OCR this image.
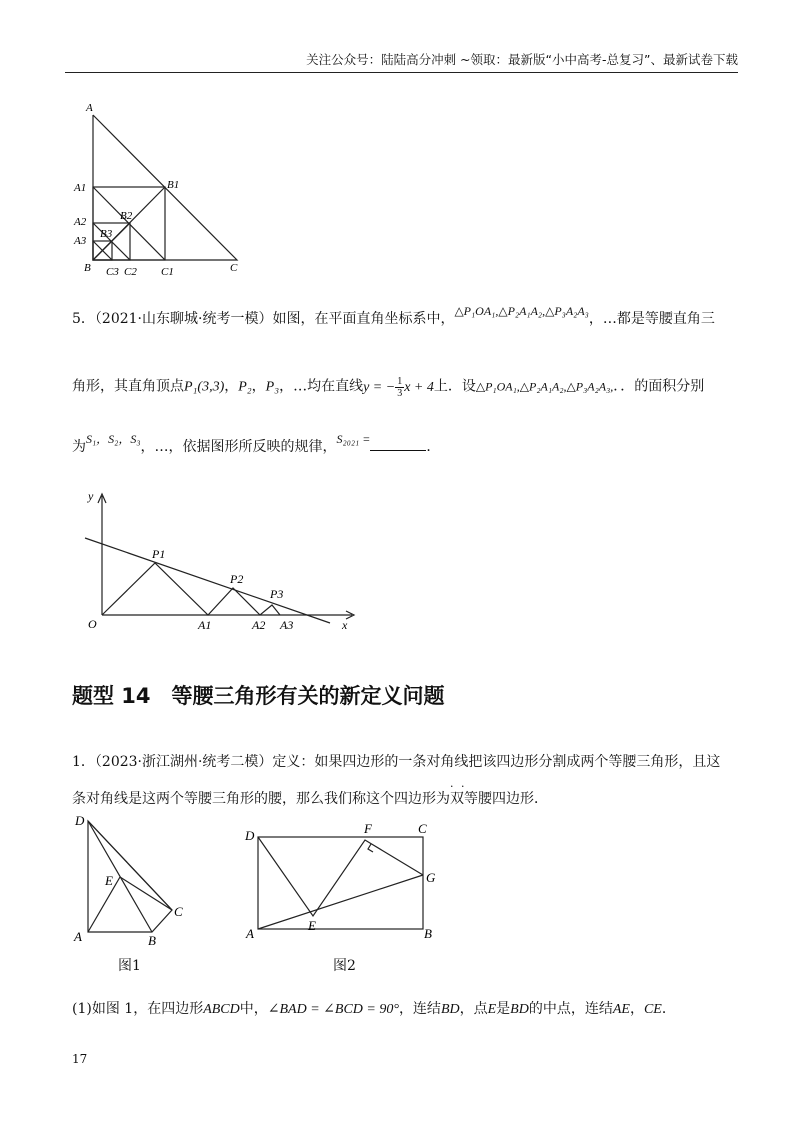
关注公众号：陆陆高分冲刺 ~领取：最新版“小中高考-总复习”、最新试卷下载
A
A1	B1
A2	B2
A3
B3
B C3 C2 C1	C
5．（2021·山东聊城·统考一模）如图，在平面直角坐标系中，△P₁OA₁,△P₂A₁A₂,△P₃A₂A₃，…都是等腰直角三
角形，其直角顶点P₁(3,3)，P₂，P₃，…均在直线y = − $\frac{1}{3}$ x + 4上．设△P₁OA₁,△P₂A₁A₂,△P₃A₂A₃,．．的面积分别
为S₁，S₂，S₃，…，依据图形所反映的规律，S₂₀₂₁ =	．
y
O	x
P1
P2
P3
A1	A2 A3
题型 14　等腰三角形有关的新定义问题
1．（2023·浙江湖州·统考二模）定义：如果四边形的一条对角线把该四边形分割成两个等腰三角形，且这
条对角线是这两个等腰三角形的腰，那么我们称这个四边形为· · 双等腰四边形．
D
E
C
A	B
图1
D	F	C
G
E
A	B
图2
(1)如图 1，在四边形ABCD中，∠BAD = ∠BCD = 90°，连结BD，点E是BD的中点，连结AE，CE．
17
